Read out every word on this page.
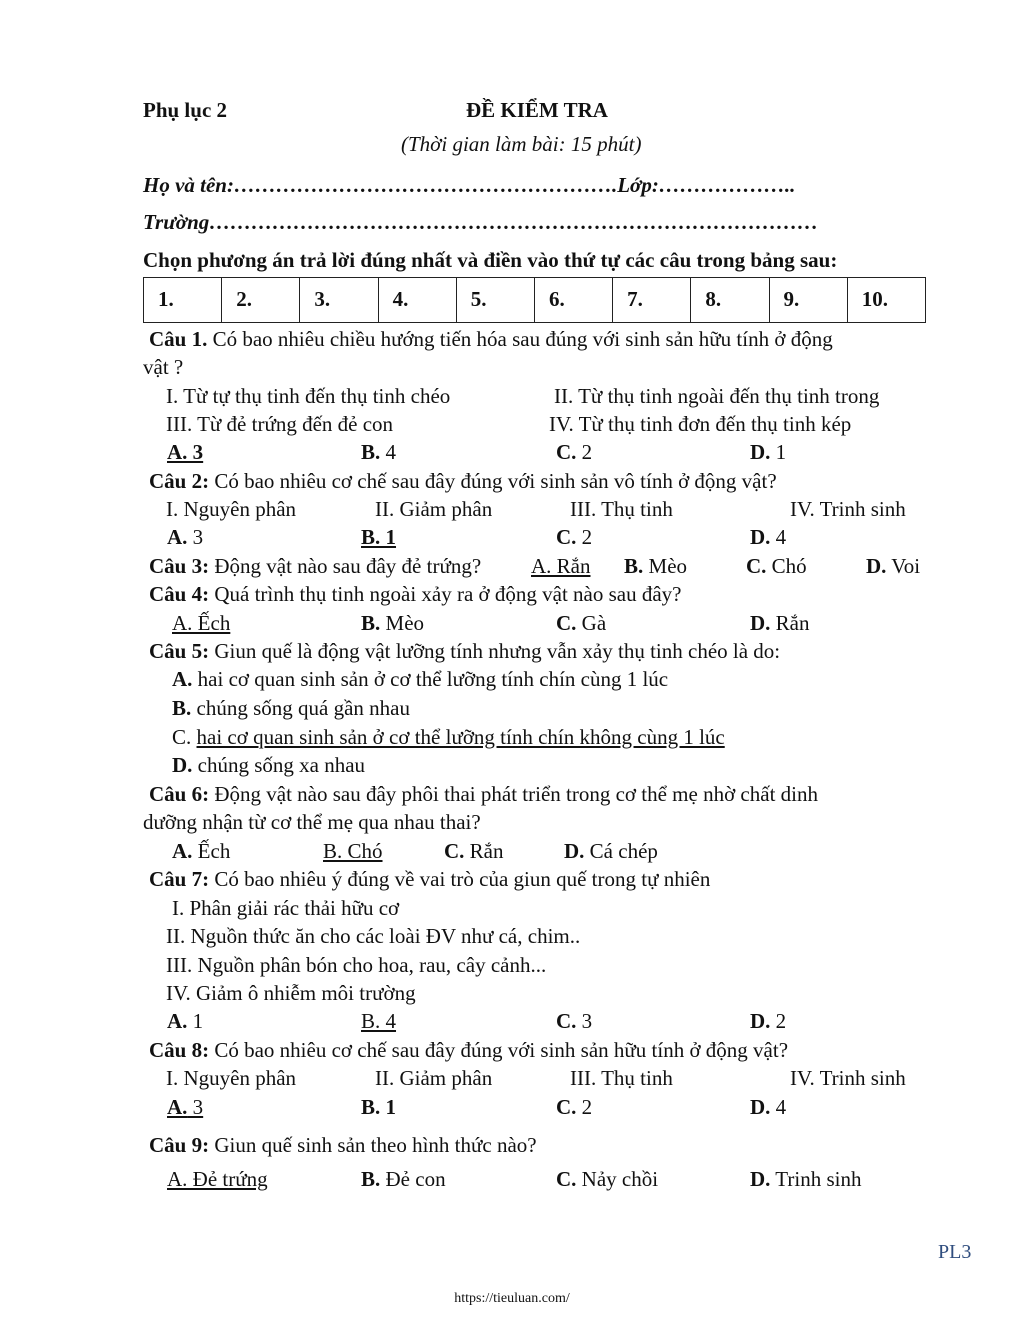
Phụ lục 2	ĐỀ KIỂM TRA
(Thời gian làm bài: 15 phút)
Họ và tên:……………………………………………….Lớp:………………..
Trường……………………………………………………………………………
Chọn phương án trả lời đúng nhất và điền vào thứ tự các câu trong bảng sau:
1.	2.	3.	4.	5.	6.	7.	8.	9.	10.
Câu 1. Có bao nhiêu chiều hướng tiến hóa sau đúng với sinh sản hữu tính ở động
vật ?
I. Từ tự thụ tinh đến thụ tinh chéo	II. Từ thụ tinh ngoài đến thụ tinh trong
III. Từ đẻ trứng đến đẻ con	IV. Từ thụ tinh đơn đến thụ tinh kép
A. 3	B. 4	C. 2	D. 1
Câu 2: Có bao nhiêu cơ chế sau đây đúng với sinh sản vô tính ở động vật?
I. Nguyên phân	II. Giảm phân	III. Thụ tinh	IV. Trinh sinh
A. 3	B. 1	C. 2	D. 4
Câu 3: Động vật nào sau đây đẻ trứng? A. Rắn B. Mèo	C. Chó	D. Voi
Câu 4: Quá trình thụ tinh ngoài xảy ra ở động vật nào sau đây?
A. Ếch	B. Mèo	C. Gà	D. Rắn
Câu 5: Giun quế là động vật lưỡng tính nhưng vẫn xảy thụ tinh chéo là do:
A. hai cơ quan sinh sản ở cơ thể lưỡng tính chín cùng 1 lúc
B. chúng sống quá gần nhau
C. hai cơ quan sinh sản ở cơ thể lưỡng tính chín không cùng 1 lúc
D. chúng sống xa nhau
Câu 6: Động vật nào sau đây phôi thai phát triển trong cơ thể mẹ nhờ chất dinh
dưỡng nhận từ cơ thể mẹ qua nhau thai?
A. Ếch	B. Chó	C. Rắn	D. Cá chép
Câu 7: Có bao nhiêu ý đúng về vai trò của giun quế trong tự nhiên
I. Phân giải rác thải hữu cơ
II. Nguồn thức ăn cho các loài ĐV như cá, chim..
III. Nguồn phân bón cho hoa, rau, cây cảnh...
IV. Giảm ô nhiễm môi trường
A. 1	B. 4	C. 3	D. 2
Câu 8: Có bao nhiêu cơ chế sau đây đúng với sinh sản hữu tính ở động vật?
I. Nguyên phân	II. Giảm phân	III. Thụ tinh	IV. Trinh sinh
A. 3	B. 1	C. 2	D. 4
Câu 9: Giun quế sinh sản theo hình thức nào?
A. Đẻ trứng	B. Đẻ con	C. Nảy chồi	D. Trinh sinh
PL3
https://tieuluan.com/
